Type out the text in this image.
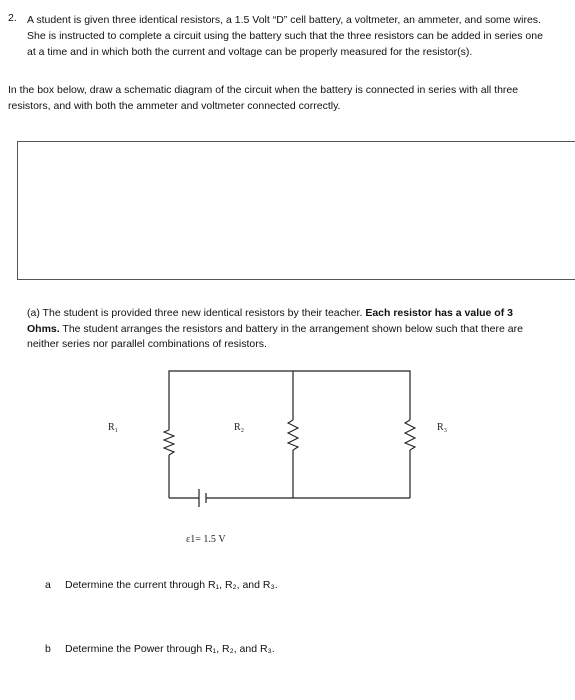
2. A student is given three identical resistors, a 1.5 Volt “D” cell battery, a voltmeter, an ammeter, and some wires. She is instructed to complete a circuit using the battery such that the three resistors can be added in series one at a time and in which both the current and voltage can be properly measured for the resistor(s).
In the box below, draw a schematic diagram of the circuit when the battery is connected in series with all three resistors, and with both the ammeter and voltmeter connected correctly.
(a) The student is provided three new identical resistors by their teacher. Each resistor has a value of 3 Ohms. The student arranges the resistors and battery in the arrangement shown below such that there are neither series nor parallel combinations of resistors.
R₁	R₂	R₃
ε1= 1.5 V
a Determine the current through R₁, R₂, and R₃.
b Determine the Power through R₁, R₂, and R₃.
